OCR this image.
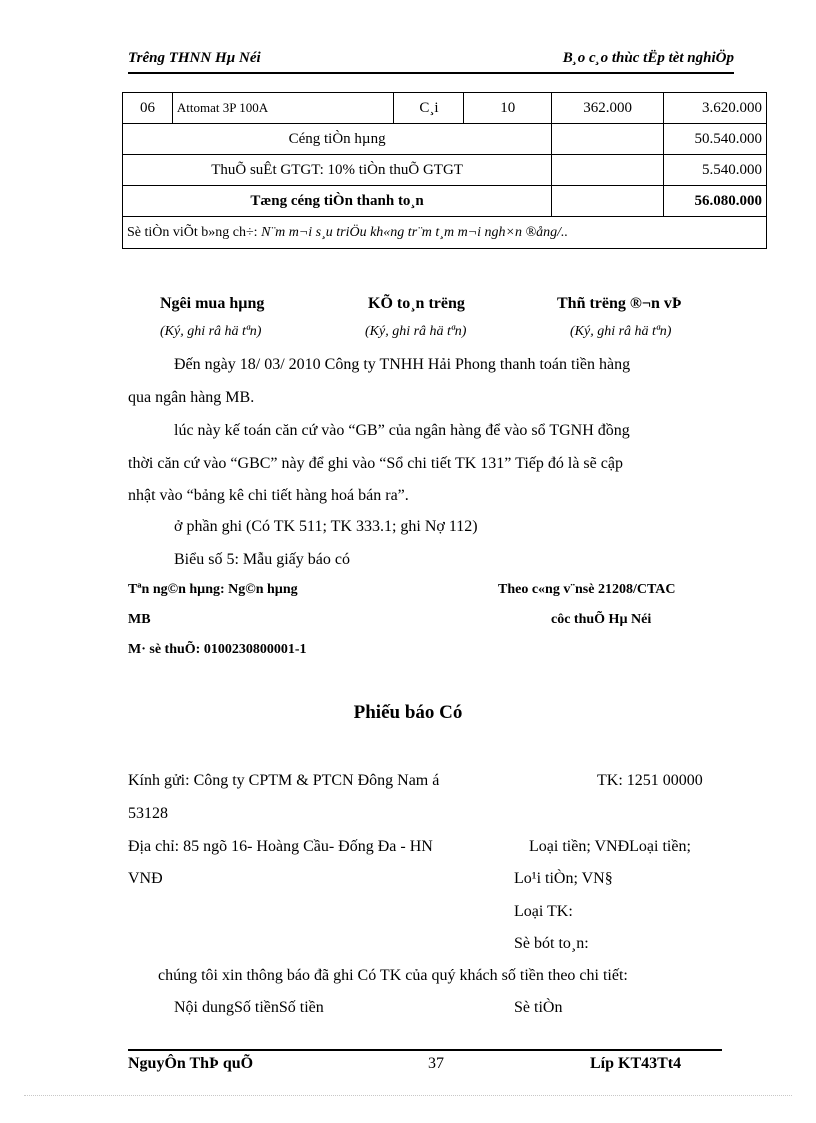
Trêng THNN Hµ Néi	B¸o c¸o thùc tËp tèt nghiÖp
06	Attomat 3P 100A	C¸i	10	362.000	3.620.000
Céng tiÒn hµng					50.540.000
ThuÕ suÊt GTGT: 10% tiÒn thuÕ GTGT					5.540.000
Tæng céng tiÒn thanh to¸n					56.080.000
Sè tiÒn viÕt b»ng ch÷: N¨m m¬i s¸u triÖu kh«ng tr¨m t¸m m¬i ngh×n ®ång/..					
Ngêi mua hµng	KÕ to¸n trëng	Thñ trëng ®¬n vÞ
(Ký, ghi râ hä tªn)	(Ký, ghi râ hä tªn)	(Ký, ghi râ hä tªn)
Đến ngày 18/ 03/ 2010 Công ty TNHH Hải Phong thanh toán tiền hàng
qua ngân hàng MB.
lúc này kế toán căn cứ vào “GB” của ngân hàng để vào sổ TGNH đồng
thời căn cứ vào “GBC” này để ghi vào “Sổ chi tiết TK 131” Tiếp đó là sẽ cập
nhật vào “bảng kê chi tiết hàng hoá bán ra”.
ở phần ghi (Có TK 511; TK 333.1; ghi Nợ 112)
Biểu số 5: Mẫu giấy báo có
Tªn ng©n hµng: Ng©n hµng	Theo c«ng v¨nsè 21208/CTAC
MB	côc thuÕ Hµ Néi
M· sè thuÕ: 0100230800001-1
Phiếu báo Có
Kính gửi: Công ty CPTM & PTCN Đông Nam á	TK: 1251 00000
53128
Địa chỉ: 85 ngõ 16- Hoàng Cầu- Đống Đa - HN	Loại tiền; VNĐLoại tiền;
VNĐ	Lo¹i tiÒn; VN§
Loại TK:
Sè bót to¸n:
chúng tôi xin thông báo đã ghi Có TK của quý khách số tiền theo chi tiết:
Nội dungSố tiềnSố tiền	Sè tiÒn
NguyÔn ThÞ quÕ	37	Líp KT43Tt4
